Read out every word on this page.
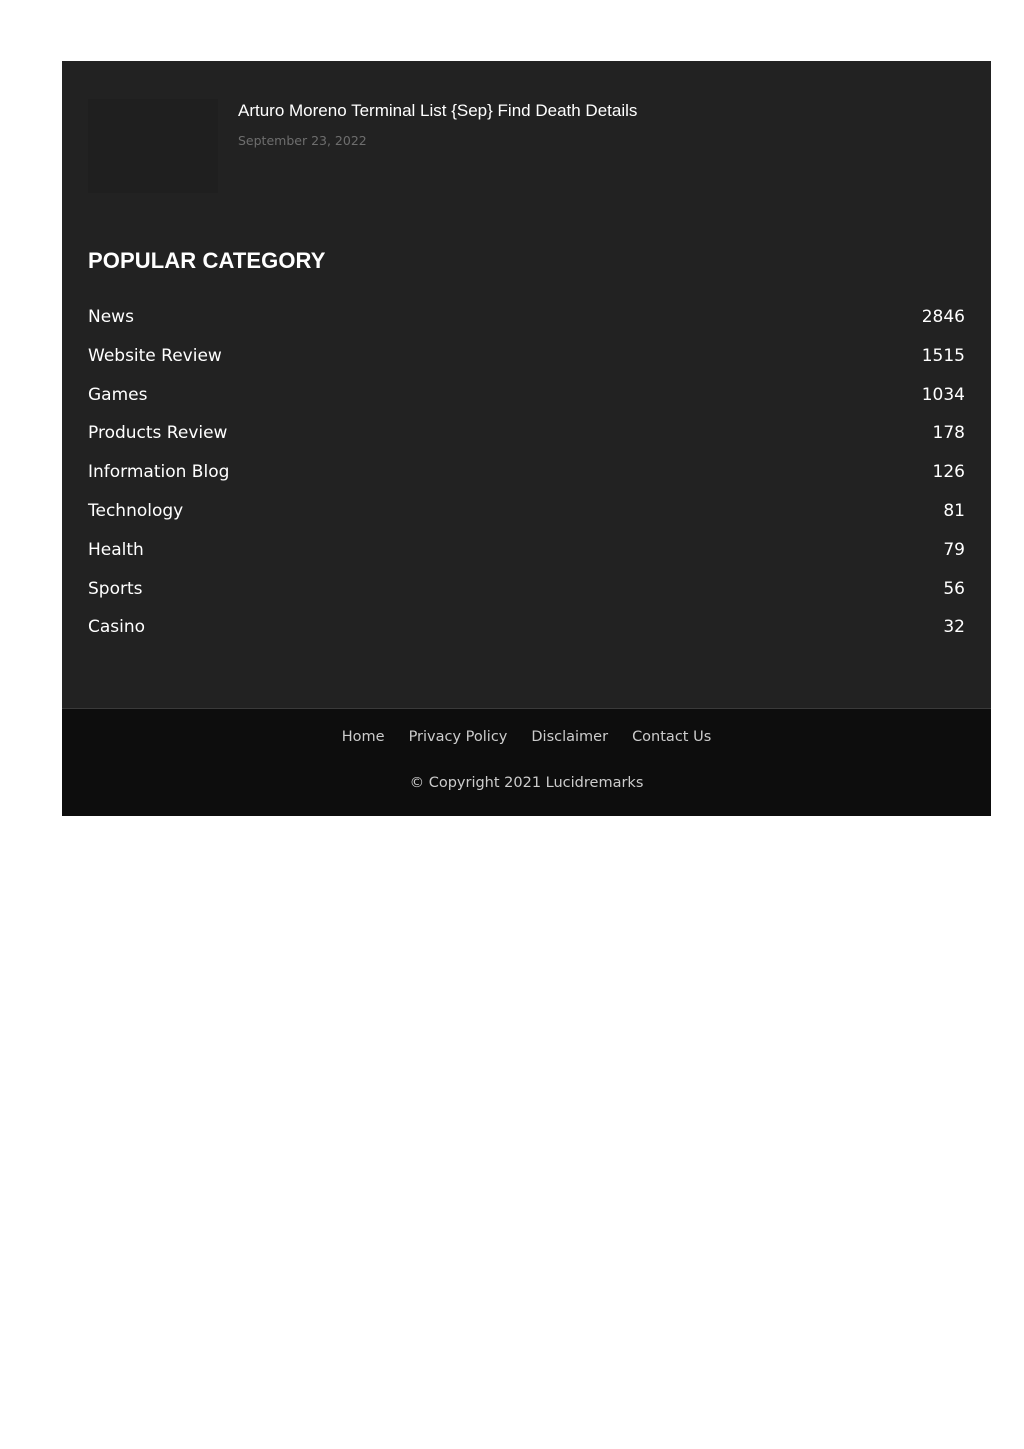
Arturo Moreno Terminal List {Sep} Find Death Details
September 23, 2022
POPULAR CATEGORY
News	2846
Website Review	1515
Games	1034
Products Review	178
Information Blog	126
Technology	81
Health	79
Sports	56
Casino	32
Home Privacy Policy Disclaimer Contact Us
© Copyright 2021 Lucidremarks
